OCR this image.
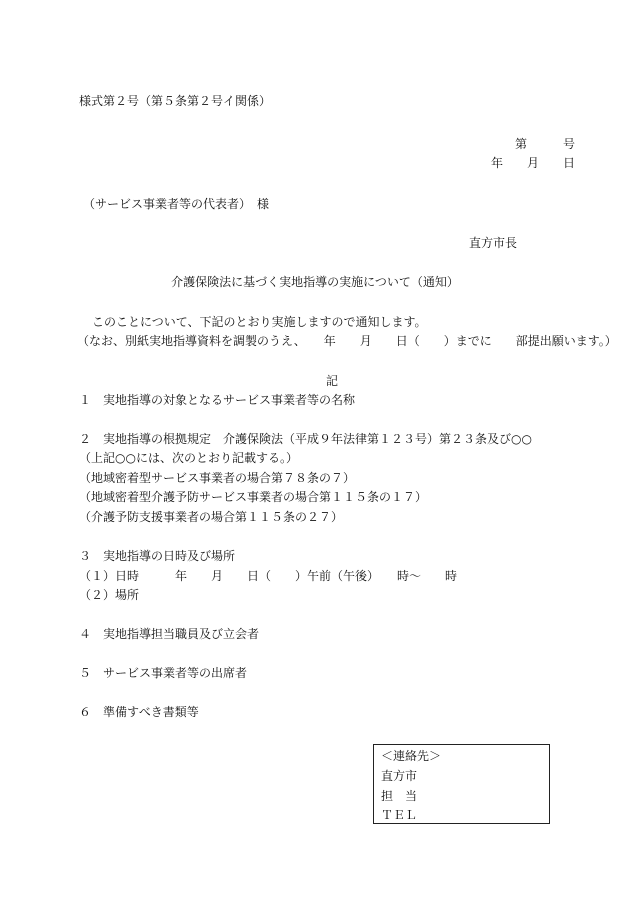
様式第２号（第５条第２号イ関係）
第　　　号
年　　月　　日
（サービス事業者等の代表者）　様
直方市長
介護保険法に基づく実地指導の実施について（通知）
このことについて、下記のとおり実施しますので通知します。
（なお、別紙実地指導資料を調製のうえ、　　年　　月　　日（　　）までに　　部提出願います。）
記
１　実地指導の対象となるサービス事業者等の名称
２　実地指導の根拠規定　介護保険法（平成９年法律第１２３号）第２３条及び○○
（上記○○には、次のとおり記載する。）
（地域密着型サービス事業者の場合第７８条の７）
（地域密着型介護予防サービス事業者の場合第１１５条の１７）
（介護予防支援事業者の場合第１１５条の２７）
３　実地指導の日時及び場所
（１）日時　　　年　　月　　日（　　）午前（午後）　　時～　　時
（２）場所
４　実地指導担当職員及び立会者
５　サービス事業者等の出席者
６　準備すべき書類等
＜連絡先＞
直方市
担　当
ＴＥＬ
